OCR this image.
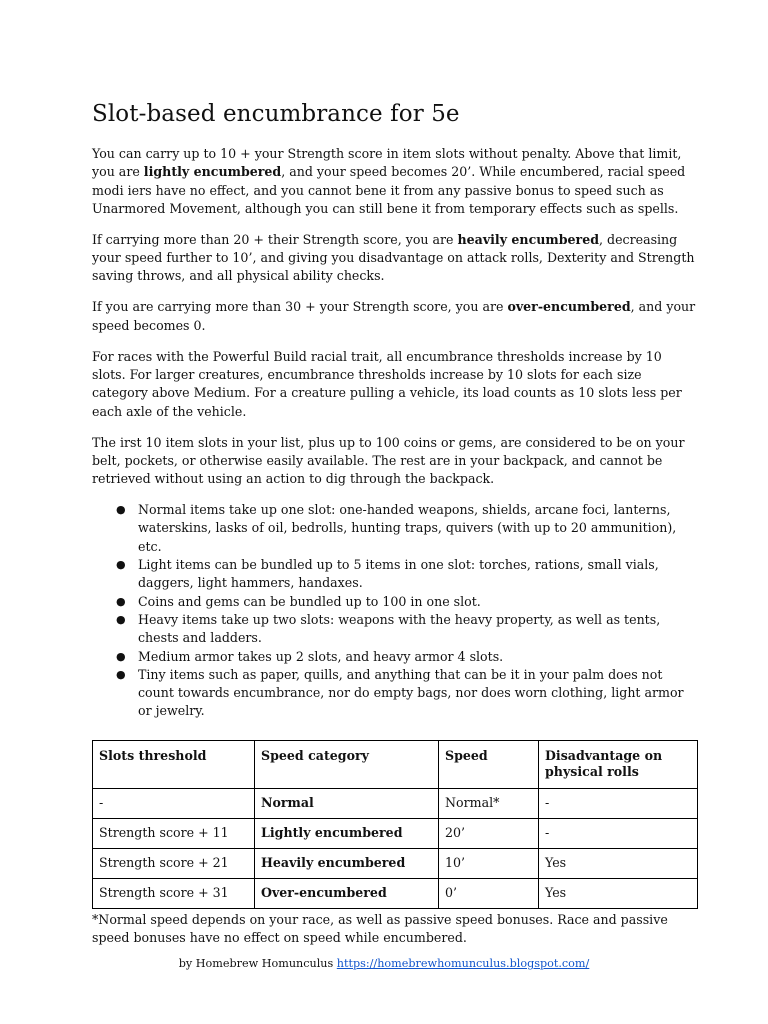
Slot-based encumbrance for 5e

You can carry up to 10 + your Strength score in item slots without penalty. Above that limit, you are lightly encumbered, and your speed becomes 20’. While encumbered, racial speed modi iers have no effect, and you cannot bene it from any passive bonus to speed such as Unarmored Movement, although you can still bene it from temporary effects such as spells.

If carrying more than 20 + their Strength score, you are heavily encumbered, decreasing your speed further to 10’, and giving you disadvantage on attack rolls, Dexterity and Strength saving throws, and all physical ability checks.

If you are carrying more than 30 + your Strength score, you are over-encumbered, and your speed becomes 0.

For races with the Powerful Build racial trait, all encumbrance thresholds increase by 10 slots. For larger creatures, encumbrance thresholds increase by 10 slots for each size category above Medium. For a creature pulling a vehicle, its load counts as 10 slots less per each axle of the vehicle.

The irst 10 item slots in your list, plus up to 100 coins or gems, are considered to be on your belt, pockets, or otherwise easily available. The rest are in your backpack, and cannot be retrieved without using an action to dig through the backpack.

● Normal items take up one slot: one-handed weapons, shields, arcane foci, lanterns, waterskins, lasks of oil, bedrolls, hunting traps, quivers (with up to 20 ammunition), etc.
● Light items can be bundled up to 5 items in one slot: torches, rations, small vials, daggers, light hammers, handaxes.
● Coins and gems can be bundled up to 100 in one slot.
● Heavy items take up two slots: weapons with the heavy property, as well as tents, chests and ladders.
● Medium armor takes up 2 slots, and heavy armor 4 slots.
● Tiny items such as paper, quills, and anything that can be it in your palm does not count towards encumbrance, nor do empty bags, nor does worn clothing, light armor or jewelry.
Slots threshold	Speed category	Speed	Disadvantage on physical rolls
-	Normal	Normal*	-
Strength score + 11	Lightly encumbered	20’	-
Strength score + 21	Heavily encumbered	10’	Yes
Strength score + 31	Over-encumbered	0’	Yes

*Normal speed depends on your race, as well as passive speed bonuses. Race and passive speed bonuses have no effect on speed while encumbered.

by Homebrew Homunculus https://homebrewhomunculus.blogspot.com/
